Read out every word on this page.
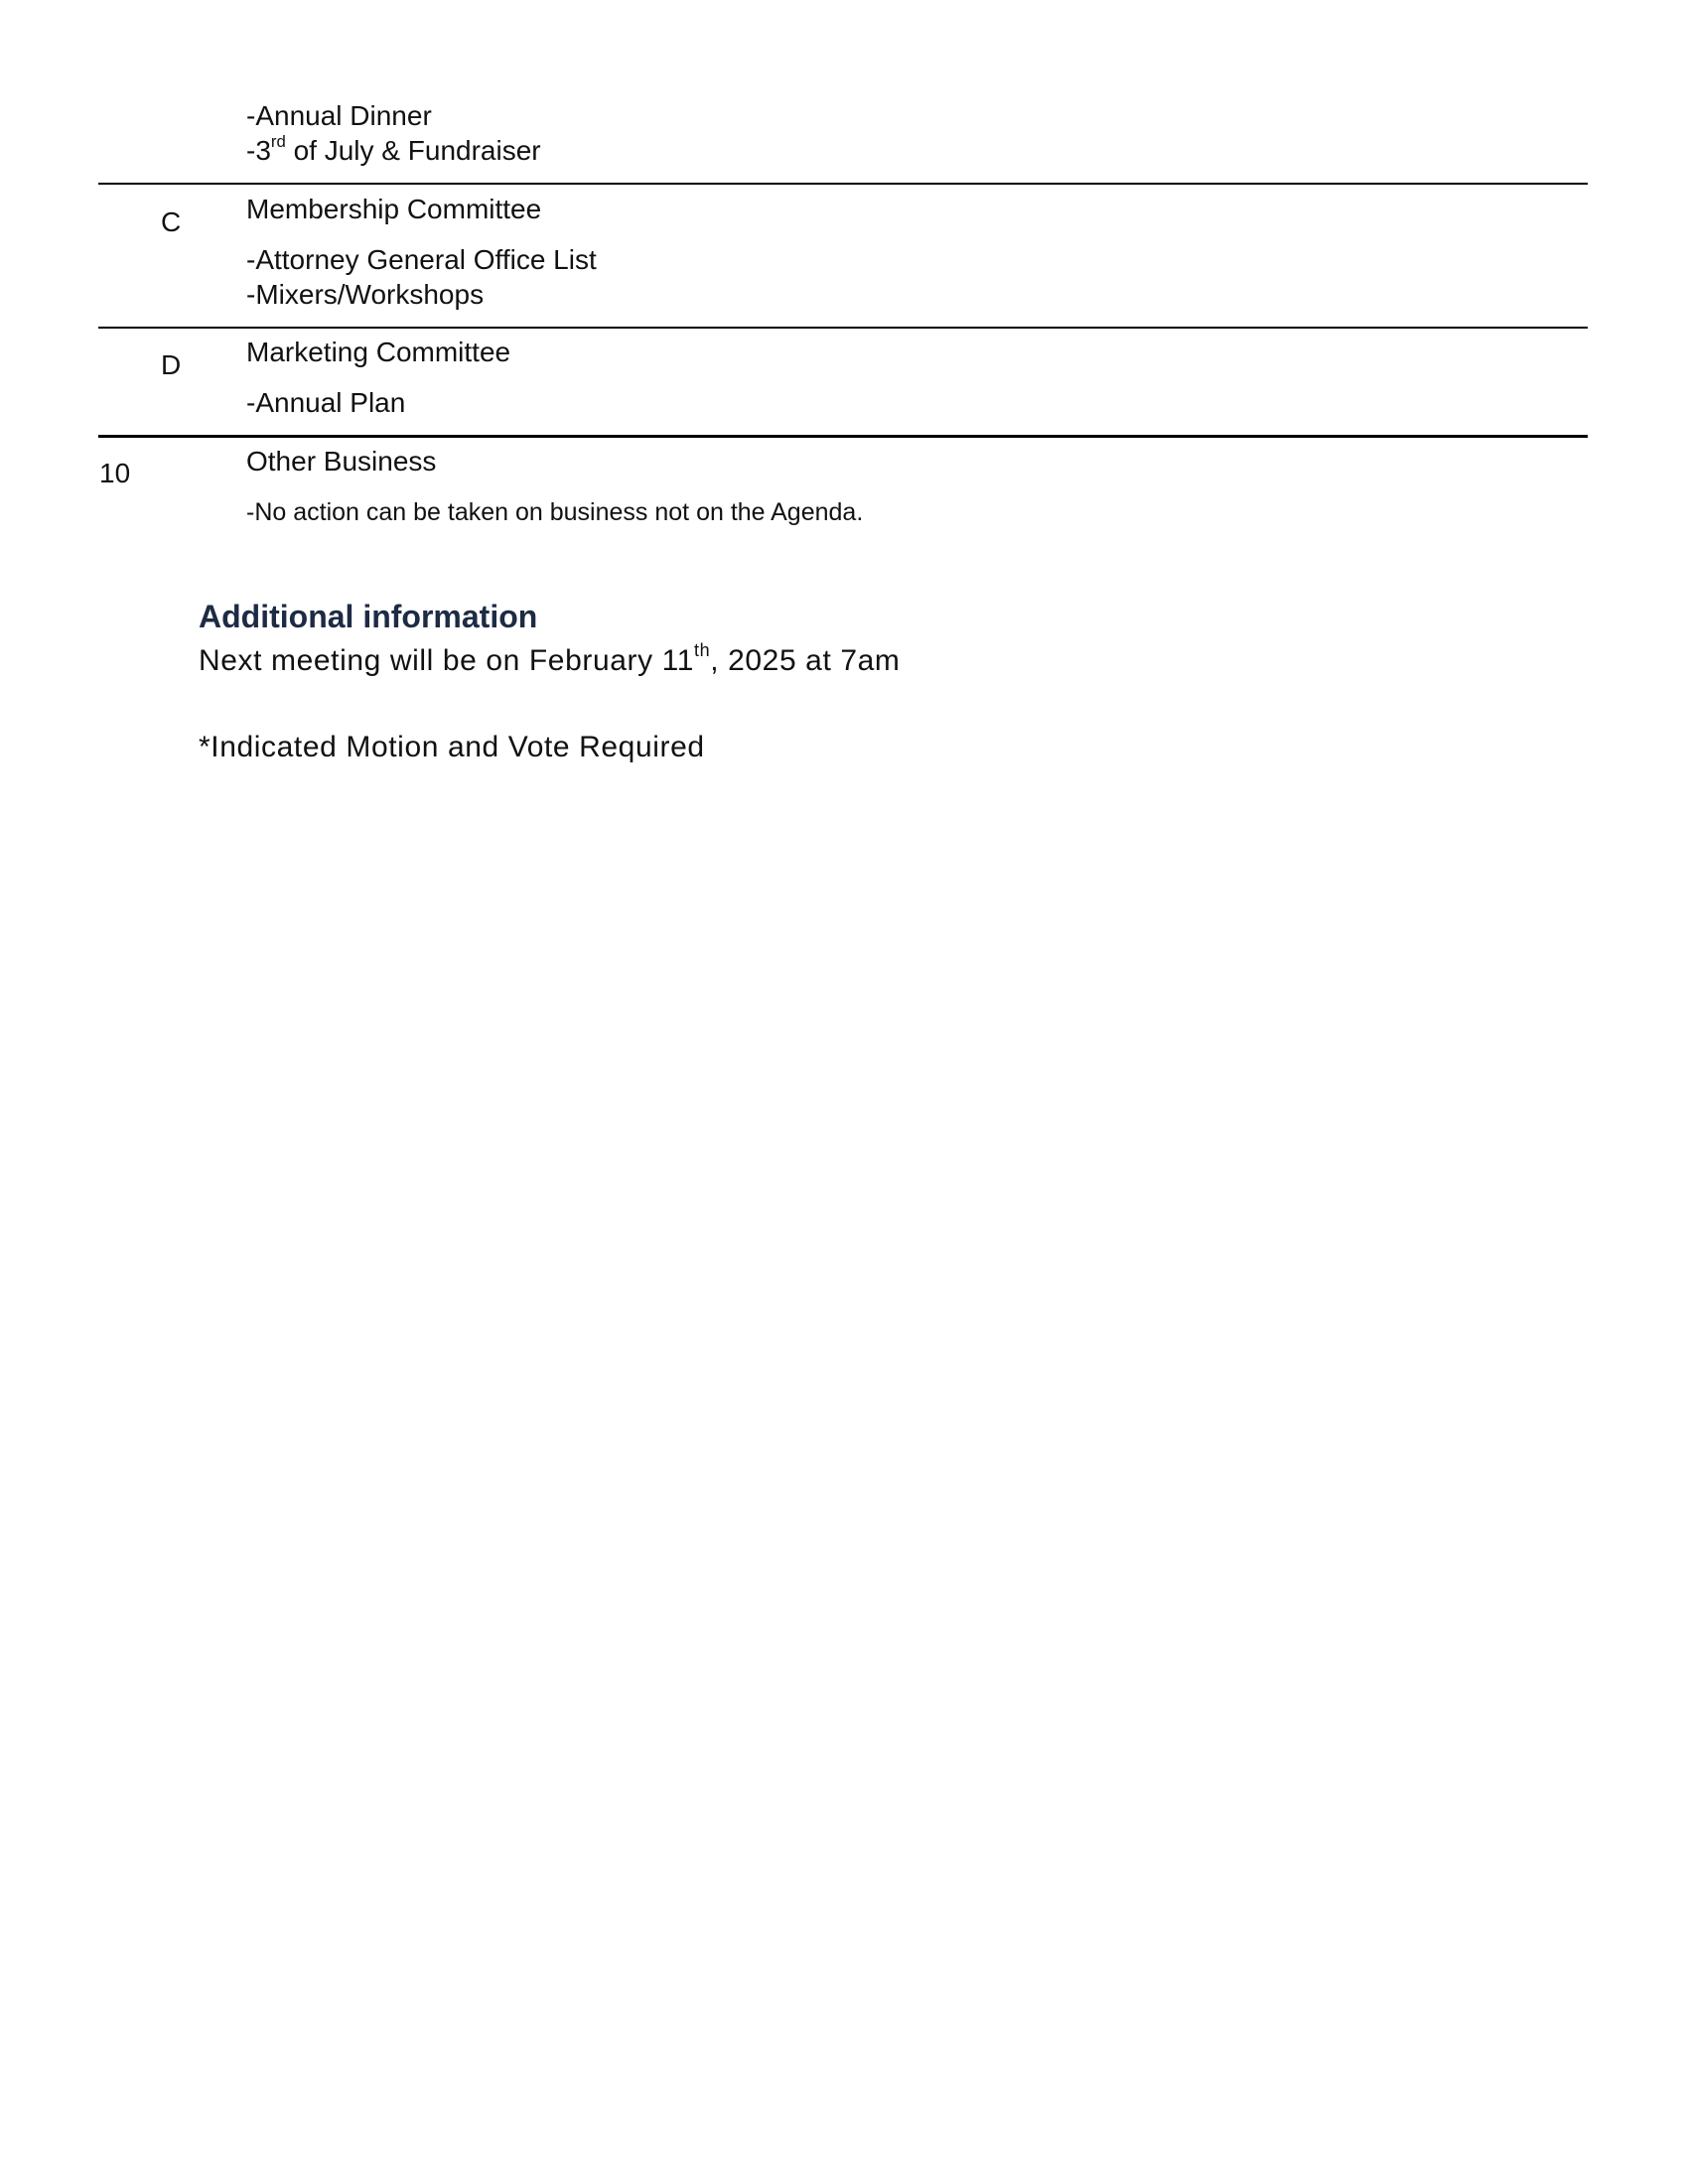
-Annual Dinner
-3rd of July & Fundraiser
C Membership Committee
-Attorney General Office List
-Mixers/Workshops
D Marketing Committee
-Annual Plan
10	Other Business
-No action can be taken on business not on the Agenda.
Additional information
Next meeting will be on February 11th, 2025 at 7am
*Indicated Motion and Vote Required
